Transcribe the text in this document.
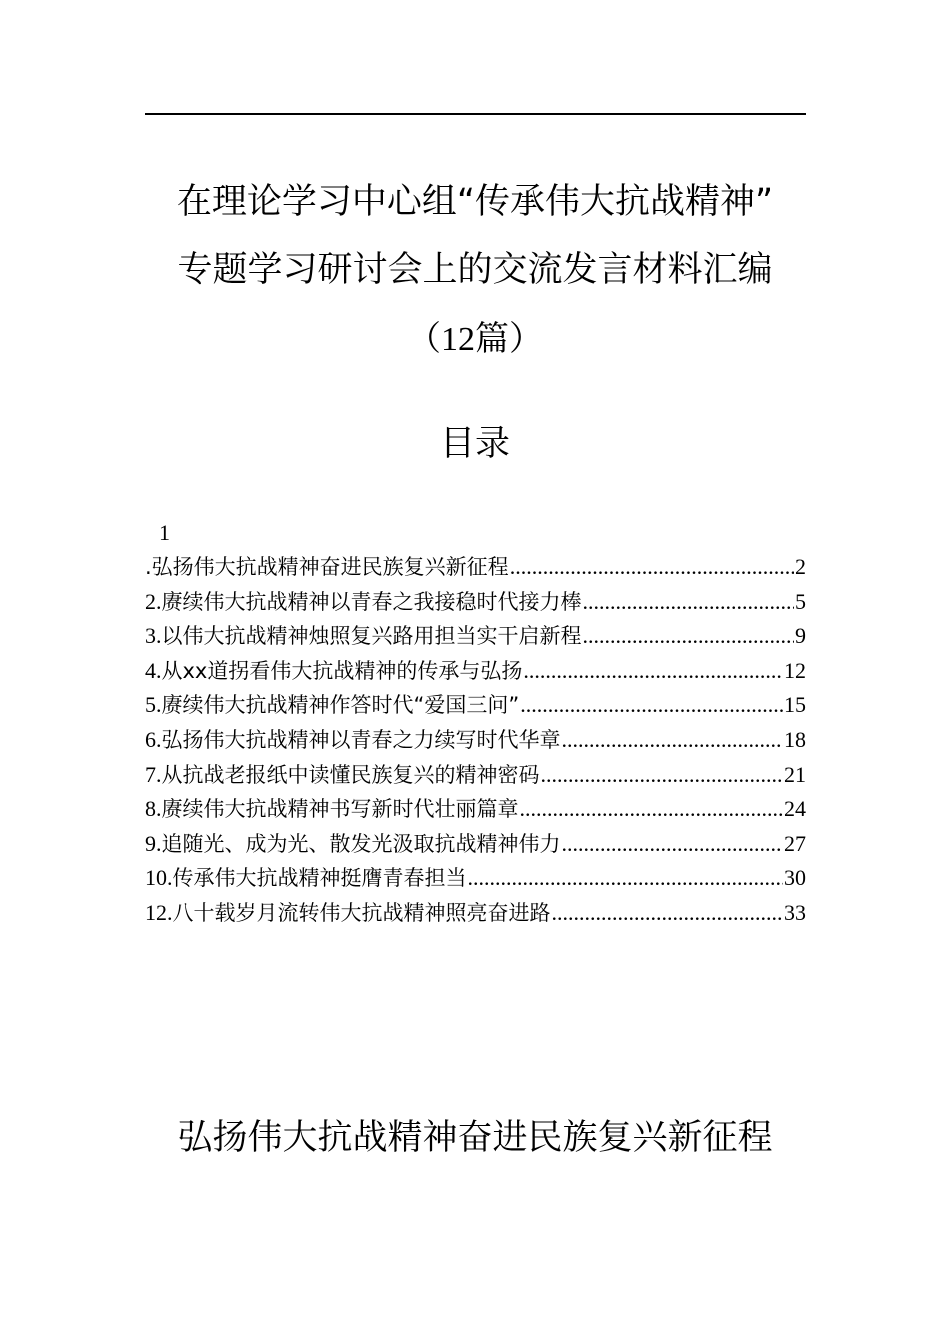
在理论学习中心组“传承伟大抗战精神”
专题学习研讨会上的交流发言材料汇编
（12篇）
目录
1
.弘扬伟大抗战精神奋进民族复兴新征程 .....	2
2. 赓续伟大抗战精神以青春之我接稳时代接力棒 .....	5
3. 以伟大抗战精神烛照复兴路用担当实干启新程 .....	9
4. 从xx道拐看伟大抗战精神的传承与弘扬 .....	12
5. 赓续伟大抗战精神作答时代“爱国三问” .....	15
6. 弘扬伟大抗战精神以青春之力续写时代华章 .....	18
7. 从抗战老报纸中读懂民族复兴的精神密码 .....	21
8. 赓续伟大抗战精神书写新时代壮丽篇章 .....	24
9. 追随光、成为光、散发光汲取抗战精神伟力 .....	27
10. 传承伟大抗战精神挺膺青春担当 .....	30
12. 八十载岁月流转伟大抗战精神照亮奋进路 .....	33
弘扬伟大抗战精神奋进民族复兴新征程
